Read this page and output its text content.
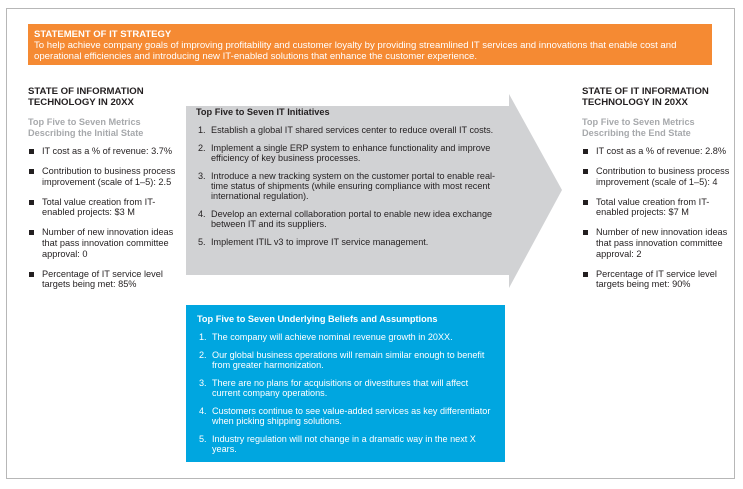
STATEMENT OF IT STRATEGY
To help achieve company goals of improving profitability and customer loyalty by providing streamlined IT services and innovations that enable cost and operational efficiencies and introducing new IT-enabled solutions that enhance the customer experience.
STATE OF INFORMATION TECHNOLOGY IN 20XX
Top Five to Seven Metrics Describing the Initial State
IT cost as a % of revenue: 3.7%
Contribution to business process improvement (scale of 1–5): 2.5
Total value creation from IT-enabled projects: $3 M
Number of new innovation ideas that pass innovation committee approval: 0
Percentage of IT service level targets being met: 85%
Top Five to Seven IT Initiatives
1. Establish a global IT shared services center to reduce overall IT costs.
2. Implement a single ERP system to enhance functionality and improve efficiency of key business processes.
3. Introduce a new tracking system on the customer portal to enable real-time status of shipments (while ensuring compliance with most recent international regulation).
4. Develop an external collaboration portal to enable new idea exchange between IT and its suppliers.
5. Implement ITIL v3 to improve IT service management.
Top Five to Seven Underlying Beliefs and Assumptions
1. The company will achieve nominal revenue growth in 20XX.
2. Our global business operations will remain similar enough to benefit from greater harmonization.
3. There are no plans for acquisitions or divestitures that will affect current company operations.
4. Customers continue to see value-added services as key differentiator when picking shipping solutions.
5. Industry regulation will not change in a dramatic way in the next X years.
STATE OF IT INFORMATION TECHNOLOGY IN 20XX
Top Five to Seven Metrics Describing the End State
IT cost as a % of revenue: 2.8%
Contribution to business process improvement (scale of 1–5): 4
Total value creation from IT-enabled projects: $7 M
Number of new innovation ideas that pass innovation committee approval: 2
Percentage of IT service level targets being met: 90%
